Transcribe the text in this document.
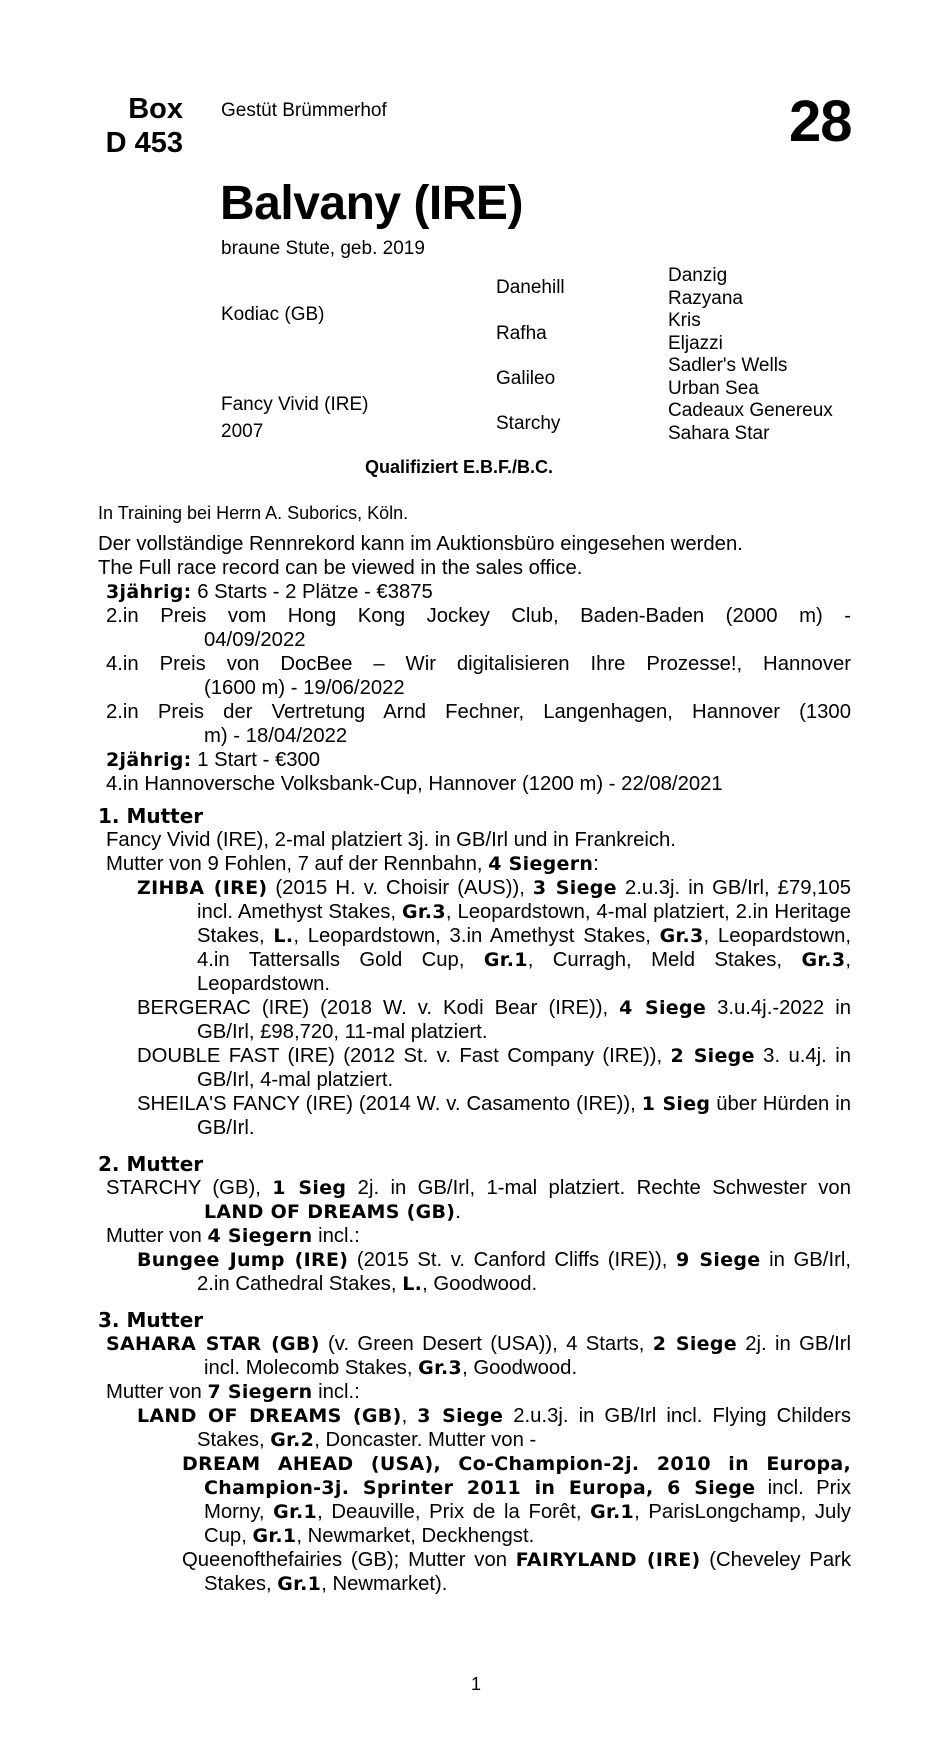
Box
D 453
Gestüt Brümmerhof	28
Balvany (IRE)
braune Stute, geb. 2019
Kodiac (GB)
Fancy Vivid (IRE)
2007
Danehill
Rafha
Galileo
Starchy
Danzig
Razyana
Kris
Eljazzi
Sadler's Wells
Urban Sea
Cadeaux Genereux
Sahara Star
Qualifiziert E.B.F./B.C.
In Training bei Herrn A. Suborics, Köln.
Der vollständige Rennrekord kann im Auktionsbüro eingesehen werden.
The Full race record can be viewed in the sales office.
3jährig: 6 Starts - 2 Plätze - €3875
2.in Preis vom Hong Kong Jockey Club, Baden-Baden (2000 m) -
04/09/2022
4.in Preis von DocBee – Wir digitalisieren Ihre Prozesse!, Hannover
(1600 m) - 19/06/2022
2.in Preis der Vertretung Arnd Fechner, Langenhagen, Hannover (1300
m) - 18/04/2022
2jährig: 1 Start - €300
4.in Hannoversche Volksbank-Cup, Hannover (1200 m) - 22/08/2021
1. Mutter
Fancy Vivid (IRE), 2-mal platziert 3j. in GB/Irl und in Frankreich.
Mutter von 9 Fohlen, 7 auf der Rennbahn, 4 Siegern:
ZIHBA (IRE) (2015 H. v. Choisir (AUS)), 3 Siege 2.u.3j. in GB/Irl, £79,105 incl. Amethyst Stakes, Gr.3, Leopardstown, 4-mal platziert, 2.in Heritage Stakes, L., Leopardstown, 3.in Amethyst Stakes, Gr.3, Leopardstown, 4.in Tattersalls Gold Cup, Gr.1, Curragh, Meld Stakes, Gr.3, Leopardstown.
BERGERAC (IRE) (2018 W. v. Kodi Bear (IRE)), 4 Siege 3.u.4j.-2022 in GB/Irl, £98,720, 11-mal platziert.
DOUBLE FAST (IRE) (2012 St. v. Fast Company (IRE)), 2 Siege 3. u.4j. in GB/Irl, 4-mal platziert.
SHEILA'S FANCY (IRE) (2014 W. v. Casamento (IRE)), 1 Sieg über Hürden in GB/Irl.
2. Mutter
STARCHY (GB), 1 Sieg 2j. in GB/Irl, 1-mal platziert. Rechte Schwester von LAND OF DREAMS (GB).
Mutter von 4 Siegern incl.:
Bungee Jump (IRE) (2015 St. v. Canford Cliffs (IRE)), 9 Siege in GB/Irl, 2.in Cathedral Stakes, L., Goodwood.
3. Mutter
SAHARA STAR (GB) (v. Green Desert (USA)), 4 Starts, 2 Siege 2j. in GB/Irl incl. Molecomb Stakes, Gr.3, Goodwood.
Mutter von 7 Siegern incl.:
LAND OF DREAMS (GB), 3 Siege 2.u.3j. in GB/Irl incl. Flying Childers Stakes, Gr.2, Doncaster. Mutter von -
DREAM AHEAD (USA), Co-Champion-2j. 2010 in Europa, Champion-3j. Sprinter 2011 in Europa, 6 Siege incl. Prix Morny, Gr.1, Deauville, Prix de la Forêt, Gr.1, ParisLongchamp, July Cup, Gr.1, Newmarket, Deckhengst.
Queenofthefairies (GB); Mutter von FAIRYLAND (IRE) (Cheveley Park Stakes, Gr.1, Newmarket).
1
